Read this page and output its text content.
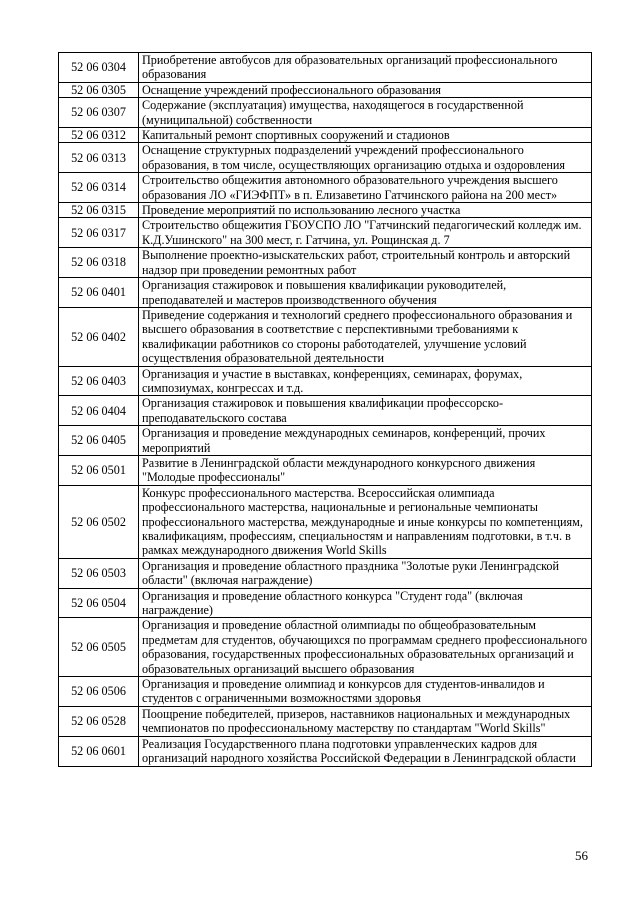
52 06 0304	Приобретение автобусов для образовательных организаций профессионального образования
52 06 0305	Оснащение учреждений профессионального образования
52 06 0307	Содержание (эксплуатация) имущества, находящегося в государственной (муниципальной) собственности
52 06 0312	Капитальный ремонт спортивных сооружений и стадионов
52 06 0313	Оснащение структурных подразделений учреждений профессионального образования, в том числе, осуществляющих организацию отдыха и оздоровления
52 06 0314	Строительство общежития автономного образовательного учреждения высшего образования ЛО «ГИЭФПТ» в п. Елизаветино Гатчинского района на 200 мест»
52 06 0315	Проведение мероприятий по использованию лесного участка
52 06 0317	Строительство общежития ГБОУСПО ЛО "Гатчинский педагогический колледж им. К.Д.Ушинского" на 300 мест, г. Гатчина, ул. Рощинская д. 7
52 06 0318	Выполнение проектно-изыскательских работ, строительный контроль и авторский надзор при проведении ремонтных работ
52 06 0401	Организация стажировок и повышения квалификации руководителей, преподавателей и мастеров производственного обучения
52 06 0402	Приведение содержания и технологий среднего профессионального образования и высшего образования в соответствие с перспективными требованиями к квалификации работников со стороны работодателей, улучшение условий осуществления образовательной деятельности
52 06 0403	Организация и участие в выставках, конференциях, семинарах, форумах, симпозиумах, конгрессах и т.д.
52 06 0404	Организация стажировок и повышения квалификации профессорско-преподавательского состава
52 06 0405	Организация и проведение международных семинаров, конференций, прочих мероприятий
52 06 0501	Развитие в Ленинградской области международного конкурсного движения "Молодые профессионалы"
52 06 0502	Конкурс профессионального мастерства. Всероссийская олимпиада профессионального мастерства, национальные и региональные чемпионаты профессионального мастерства, международные и иные конкурсы по компетенциям, квалификациям, профессиям, специальностям и направлениям подготовки, в т.ч. в рамках международного движения World Skills
52 06 0503	Организация и проведение областного праздника "Золотые руки Ленинградской области" (включая награждение)
52 06 0504	Организация и проведение областного конкурса "Студент года" (включая награждение)
52 06 0505	Организация и проведение областной олимпиады по общеобразовательным предметам для студентов, обучающихся по программам среднего профессионального образования, государственных профессиональных образовательных организаций и образовательных организаций высшего образования
52 06 0506	Организация и проведение олимпиад и конкурсов для студентов-инвалидов и студентов с ограниченными возможностями здоровья
52 06 0528	Поощрение победителей, призеров, наставников национальных и международных чемпионатов по профессиональному мастерству по стандартам "World Skills"
52 06 0601	Реализация Государственного плана подготовки управленческих кадров для организаций народного хозяйства Российской Федерации в Ленинградской области
56
